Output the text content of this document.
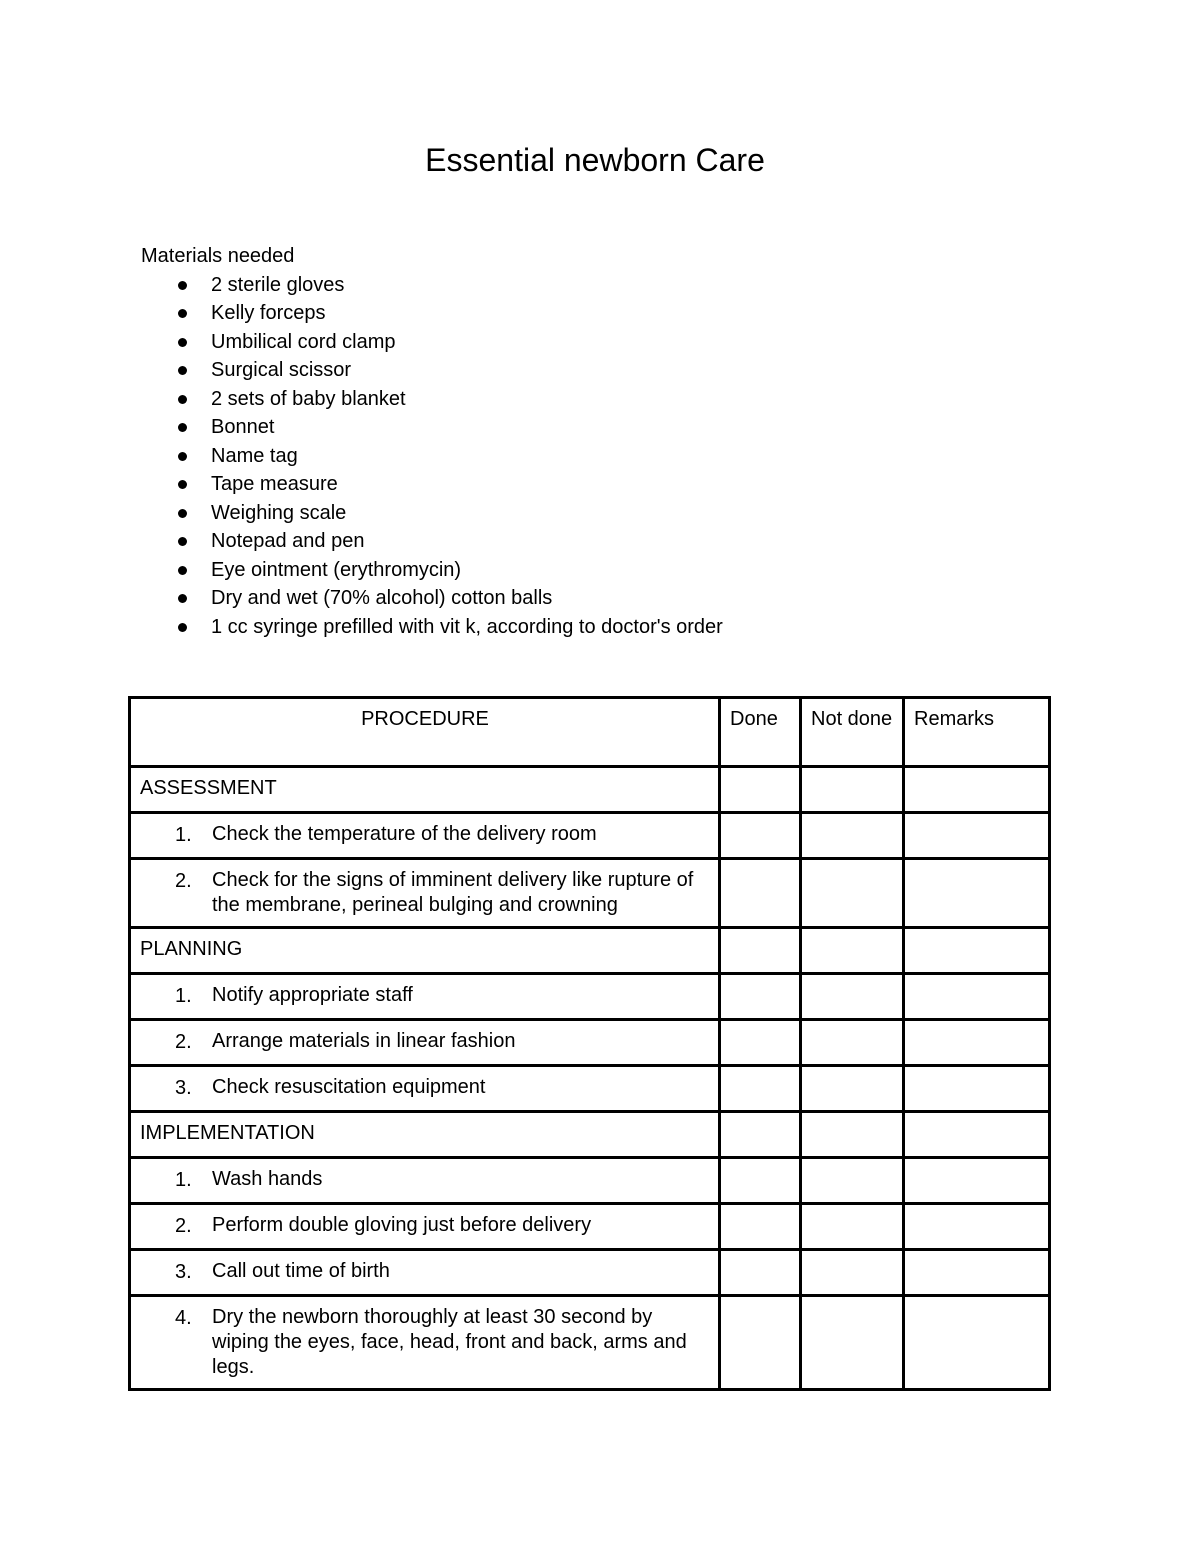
Essential newborn Care

Materials needed

2 sterile gloves
Kelly forceps
Umbilical cord clamp
Surgical scissor
2 sets of baby blanket
Bonnet
Name tag
Tape measure
Weighing scale
Notepad and pen
Eye ointment (erythromycin)
Dry and wet (70% alcohol) cotton balls
1 cc syringe prefilled with vit k, according to doctor's order
PROCEDURE	Done	Not done	Remarks
ASSESSMENT			

1. Check the temperature of the delivery room			

2. Check for the signs of imminent delivery like rupture of the membrane, perineal bulging and crowning			
PLANNING			

1. Notify appropriate staff			

2. Arrange materials in linear fashion			

3. Check resuscitation equipment			
IMPLEMENTATION			

1. Wash hands			

2. Perform double gloving just before delivery			

3. Call out time of birth			

4. Dry the newborn thoroughly at least 30 second by wiping the eyes, face, head, front and back, arms and legs.			
